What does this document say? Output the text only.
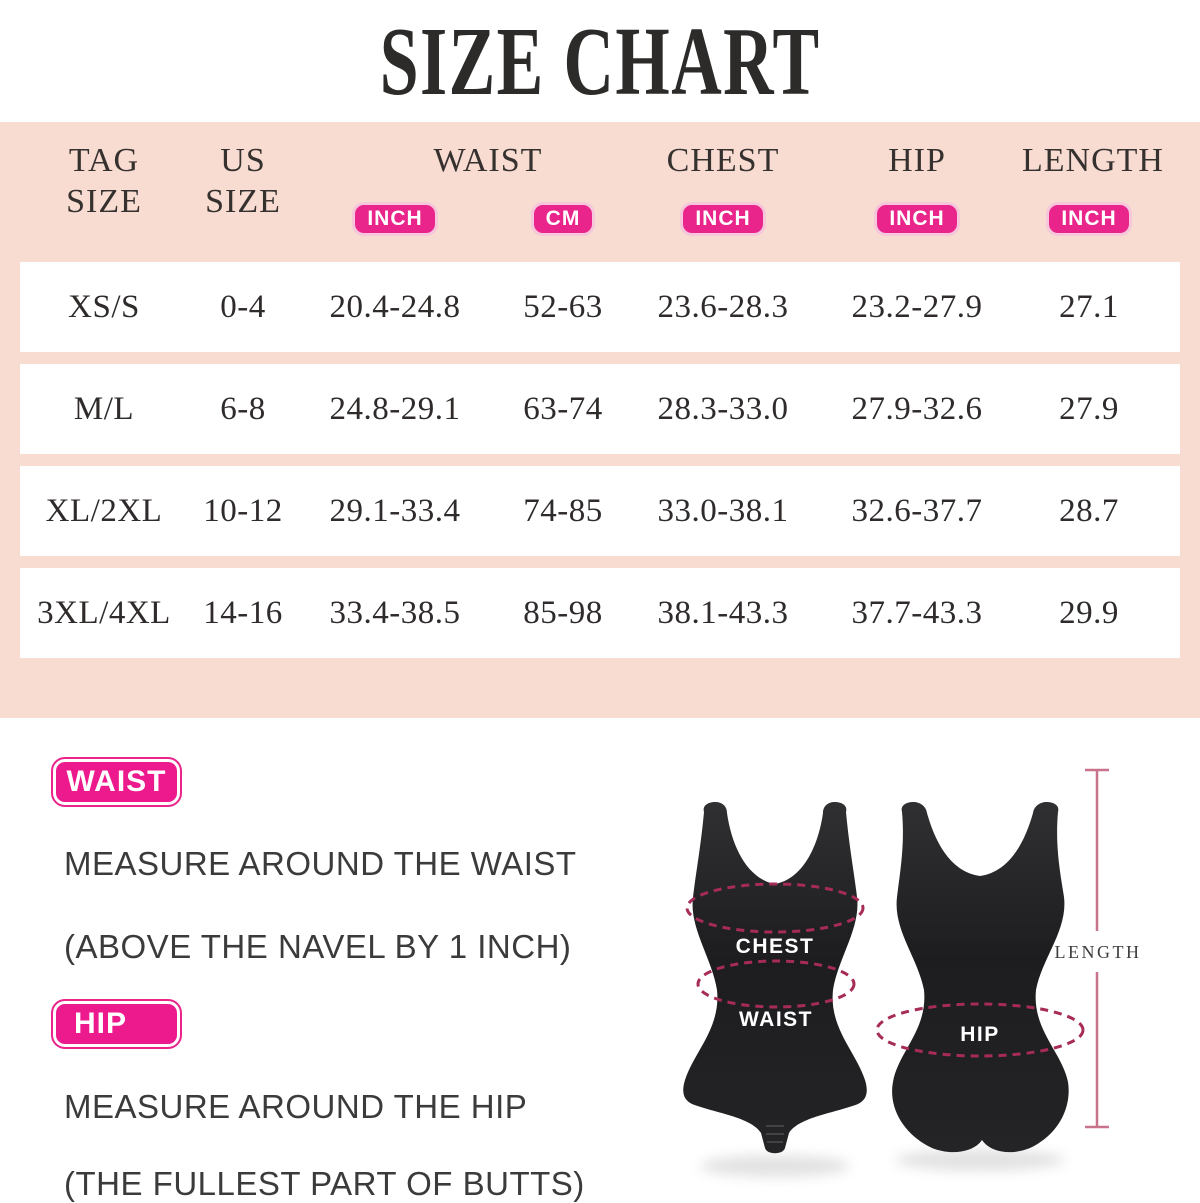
SIZE CHART
TAG
SIZE
US
SIZE
WAIST	CHEST	HIP	LENGTH
INCH	CM	INCH	INCH	INCH
XS/S	0-4	20.4-24.8	52-63	23.6-28.3	23.2-27.9	27.1
M/L	6-8	24.8-29.1	63-74	28.3-33.0	27.9-32.6	27.9
XL/2XL	10-12	29.1-33.4	74-85	33.0-38.1	32.6-37.7	28.7
3XL/4XL 14-16	33.4-38.5	85-98	38.1-43.3	37.7-43.3	29.9
WAIST
MEASURE AROUND THE WAIST
(ABOVE THE NAVEL BY 1 INCH)
HIP
MEASURE AROUND THE HIP
(THE FULLEST PART OF BUTTS)
CHEST
WAIST
HIP
LENGTH
